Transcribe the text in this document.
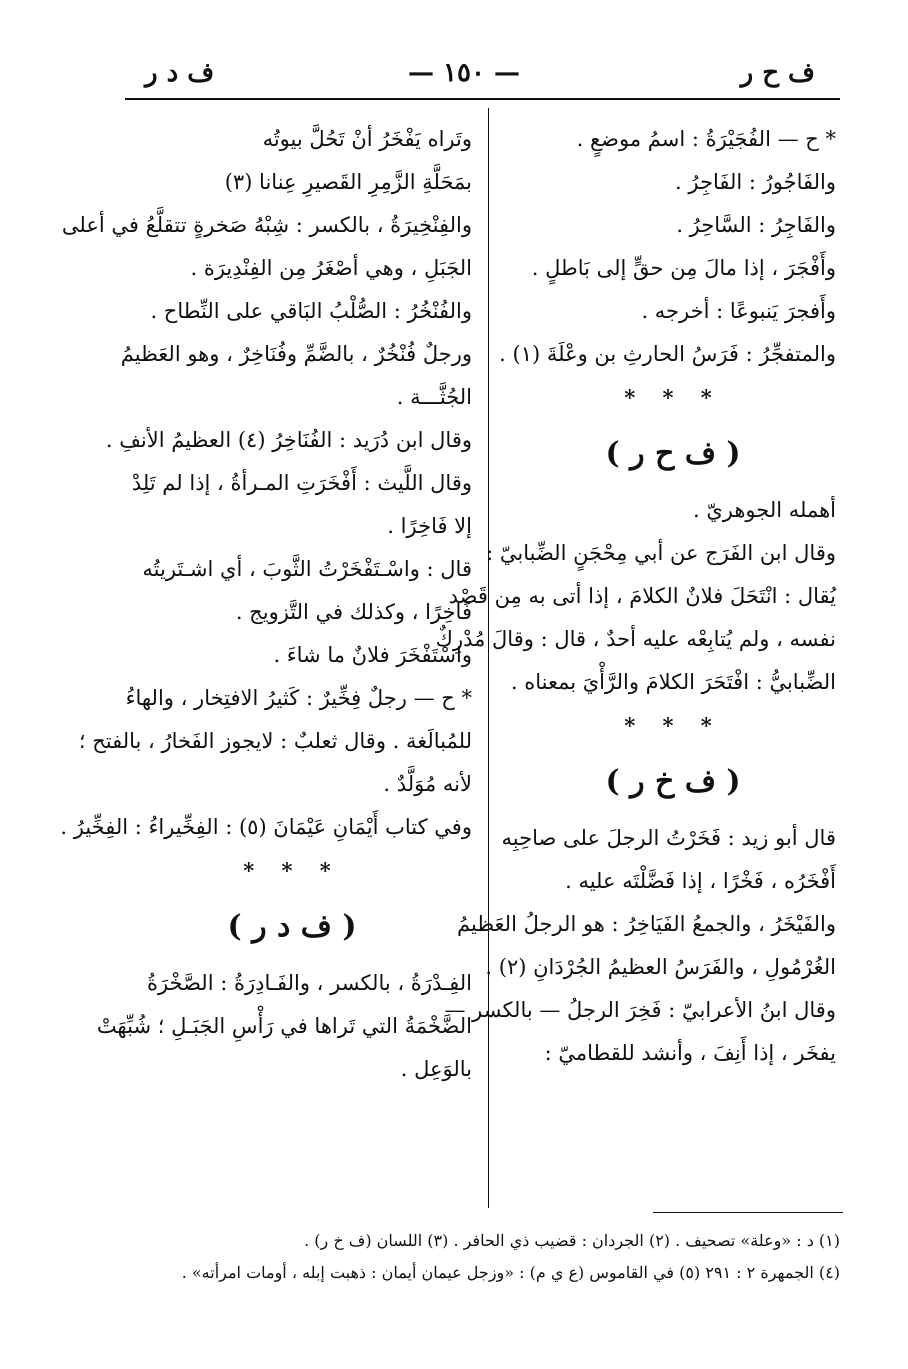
ف ح ر
— ١٥٠ —
ف د ر

* ح — الفُجَيْرَةُ : اسمُ موضعٍ .

والفَاجُورُ : الفَاجِرُ .

والفَاجِرُ : السَّاحِرُ .

وأَفْجَرَ ، إذا مالَ مِن حقٍّ إلى بَاطلٍ .

وأَفجرَ يَنبوعًا : أخرجه .

والمتفجِّرُ : فَرَسُ الحارثِ بن وعْلَةَ (١) .

* * *

( ف ح ر )

أهمله الجوهريّ .

وقال ابن الفَرَج عن أبي مِحْجَنٍ الضِّبابيّ :

يُقال : انْتَحَلَ فلانٌ الكلامَ ، إذا أتى به مِن قَصْد

نفسه ، ولم يُتابِعْه عليه أحدٌ ، قال : وقالَ مُدْرِكٌ

الضِّبابيُّ : افْتَحَرَ الكلامَ والرَّأْيَ بمعناه .

* * *

( ف خ ر )

قال أبو زيد : فَخَرْتُ الرجلَ على صاحِبِه

أَفْخَرُه ، فَخْرًا ، إذا فَضَّلْتَه عليه .

والفَيْخَرُ ، والجمعُ الفَيَاخِرُ : هو الرجلُ العَظيمُ

الغُرْمُولِ ، والفَرَسُ العظيمُ الجُرْدَانِ (٢) .

وقال ابنُ الأعرابيّ : فَخِرَ الرجلُ — بالكسر —

يفخَر ، إذا أَنِفَ ، وأنشد للقطاميّ :

وتَراه يَفْخَرُ أنْ تَحُلَّ بيوتُه

بمَحَلَّةِ الزَّمِرِ القَصيرِ عِنانا (٣)

والفِنْخِيرَةُ ، بالكسر : شِبْهُ صَخرةٍ تتقلَّعُ في أعلى

الجَبَلِ ، وهي أصْغَرُ مِن الفِنْدِيرَة .

والفُنْخُرُ : الصُّلْبُ البَاقي على النِّطاح .

ورجلٌ فُنْخُرٌ ، بالضَّمِّ وفُنَاخِرٌ ، وهو العَظيمُ

الجُثَّـــة .

وقال ابن دُرَيد : الفُنَاخِرُ (٤) العظيمُ الأنفِ .

وقال اللَّيث : أَفْخَرَتِ المـرأةُ ، إذا لم تَلِدْ

إلا فَاخِرًا .

قال : واسْـتَفْخَرْتُ الثَّوبَ ، أي اشـتَريتُه

فَاخِرًا ، وكذلك في التَّزويج .

واسْتَفْخَرَ فلانٌ ما شاءَ .

* ح — رجلٌ فِخِّيرٌ : كَثيرُ الافتِخار ، والهاءُ

للمُبالَغة . وقال ثعلبٌ : لايجوز الفَخارُ ، بالفتح ؛

لأنه مُوَلَّدٌ .

وفي كتاب أَيْمَانِ عَيْمَانَ (٥) : الفِخِّيراءُ : الفِخِّيرُ .

* * *

( ف د ر )

الفِـدْرَةُ ، بالكسر ، والفَـادِرَةُ : الصَّخْرَةُ

الضَّخْمَةُ التي تَراها في رَأْسِ الجَبَـلِ ؛ شُبِّهَتْ

بالوَعِل .

(١) د : «وعلة» تصحيف . (٢) الجردان : قضيب ذي الحافر . (٣) اللسان (ف خ ر) .

(٤) الجمهرة ٢ : ٢٩١ (٥) في القاموس (ع ي م) : «وزجل عيمان أيمان : ذهبت إبله ، أومات امرأته» .
